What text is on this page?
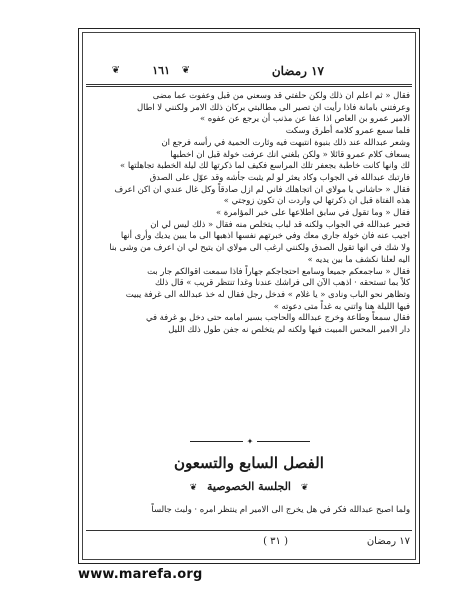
١٧ رمضان
❦
١٦١
❦

فقال « ثم اعلم ان ذلك ولكن حلفتي قد وسعني من قبل وعفوت عما مضى

وعرفتني بامانة فاذا رأيت ان تصير الى مطالبتي بركان ذلك الامر ولكنني لا اطال

الامير عمرو بن العاص اذا عفا عن مذنب أن يرجع عن عفوه »

فلما سمع عمرو كلامه أطرق وسكت

وشعر عبدالله عند ذلك بنبوة انتبهت فيه وثارت الحمية في رأسه فرجع ان

يسعاف كلام عمرو قائلا « ولكن بلغني انك عرفت خولة قبل ان اخطبها

لك وانها كانت خاطبة بجعفر تلك المراسع فكيف لما ذكرتها لك ليلة الخطبة تجاهلتها »

فارتبك عبدالله في الجواب وكاد يعثر لو لم يثبت جأشه وقد عوّل على الصدق

فقال « حاشاني يا مولاي ان اتجاهلك فاني لم ازل صادقاً وكل غال عندي ان اكن اعرف

هذه الفتاة قبل ان ذكرتها لي واردت ان تكون زوجتي »

فقال « وما تقول في سابق اطلاعها على خبر المؤامرة »

فحير عبدالله في الجواب ولكنه قد لباب يتخلص منه فقال « ذلك ليس لي ان

اجيب عنه فان خولة جاري معك وفي خبرتهم نفسها اذهبها الى ما يبين يديك وأرى أنها

ولا شك في انها تقول الصدق ولكنني ارغب الى مولاي ان يتيح لي ان اعرف من وشى بنا

اليه لعلنا نكشف ما بين يديه »

فقال « ساجمعكم جميعا وسامع احتجاجكم جهاراً فاذا سمعت اقوالكم جار بت

كلاً بما تستحقه · اذهب الآن الى فراشك عندنا وغدا تنتظر قريب » قال ذلك

وتظاهر نحو الباب ونادى « يا غلام » فدخل رجل فقال له خذ عبدالله الى غرفة يبيت

فيها الليلة هنا واتني به غداً متى دعوته »

فقال سمعاً وطاعة وخرج عبدالله والحاجب بسير امامه حتى دخل بو غرفة في

دار الامير المحس المبيت فيها ولكنه لم يتخلص نه جفن طول ذلك الليل

✦
الفصل السابع والتسعون
❦ الجلسة الخصوصية ❦
ولما اصبح عبدالله فكر في هل يخرج الى الامير ام ينتظر امره · ولبث جالساً
١٧ رمضان
( ٣١ )
www.marefa.org
